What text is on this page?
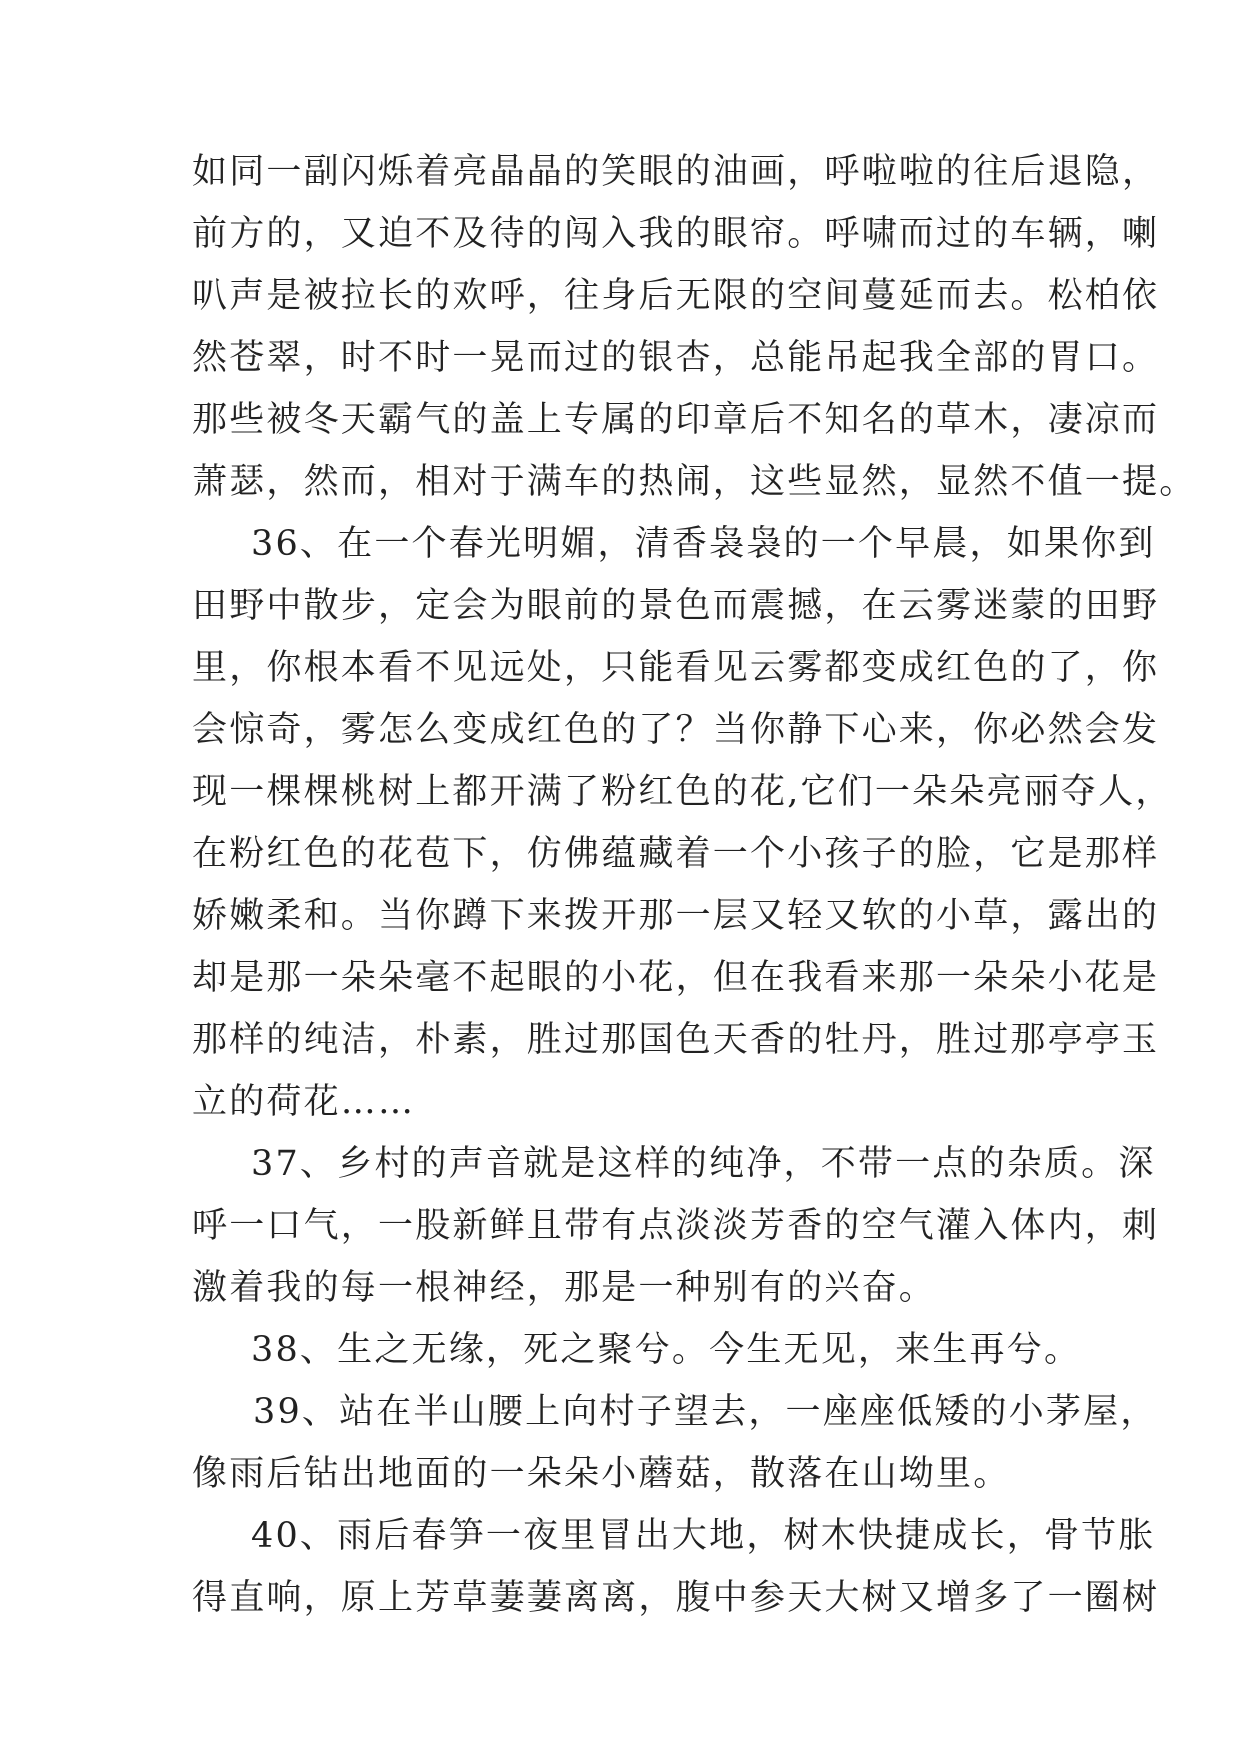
如同一副闪烁着亮晶晶的笑眼的油画，呼啦啦的往后退隐，
前方的，又迫不及待的闯入我的眼帘。呼啸而过的车辆，喇
叭声是被拉长的欢呼，往身后无限的空间蔓延而去。松柏依
然苍翠，时不时一晃而过的银杏，总能吊起我全部的胃口。
那些被冬天霸气的盖上专属的印章后不知名的草木，凄凉而
萧瑟，然而，相对于满车的热闹，这些显然，显然不值一提。
36、在一个春光明媚，清香袅袅的一个早晨，如果你到
田野中散步，定会为眼前的景色而震撼，在云雾迷蒙的田野
里，你根本看不见远处，只能看见云雾都变成红色的了，你
会惊奇，雾怎么变成红色的了？当你静下心来，你必然会发
现一棵棵桃树上都开满了粉红色的花,它们一朵朵亮丽夺人，
在粉红色的花苞下，仿佛蕴藏着一个小孩子的脸，它是那样
娇嫩柔和。当你蹲下来拨开那一层又轻又软的小草，露出的
却是那一朵朵毫不起眼的小花，但在我看来那一朵朵小花是
那样的纯洁，朴素，胜过那国色天香的牡丹，胜过那亭亭玉
立的荷花……
37、乡村的声音就是这样的纯净，不带一点的杂质。深
呼一口气，一股新鲜且带有点淡淡芳香的空气灌入体内，刺
激着我的每一根神经，那是一种别有的兴奋。
38、生之无缘，死之聚兮。今生无见，来生再兮。
39、站在半山腰上向村子望去，一座座低矮的小茅屋，
像雨后钻出地面的一朵朵小蘑菇，散落在山坳里。
40、雨后春笋一夜里冒出大地，树木快捷成长，骨节胀
得直响，原上芳草萋萋离离，腹中参天大树又增多了一圈树
